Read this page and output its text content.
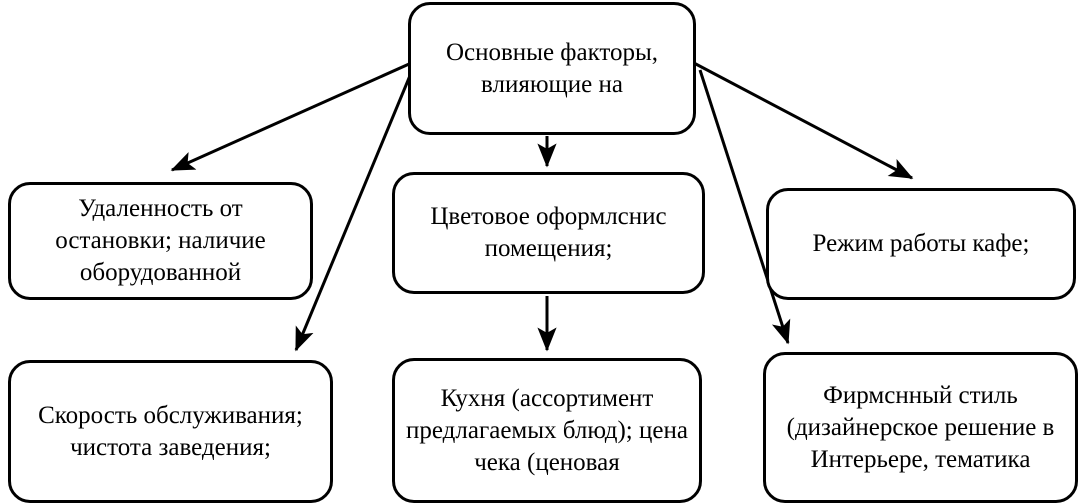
Основные факторы, влияющие на
Удаленность от остановки; наличие оборудованной
Цветовое оформлснис помещения;	Режим работы кафе;
Скорость обслуживания; чистота заведения;
Кухня (ассортимент предлагаемых блюд); цена чека (ценовая
Фирмснный стиль (дизайнерское решение в Интерьере, тематика
